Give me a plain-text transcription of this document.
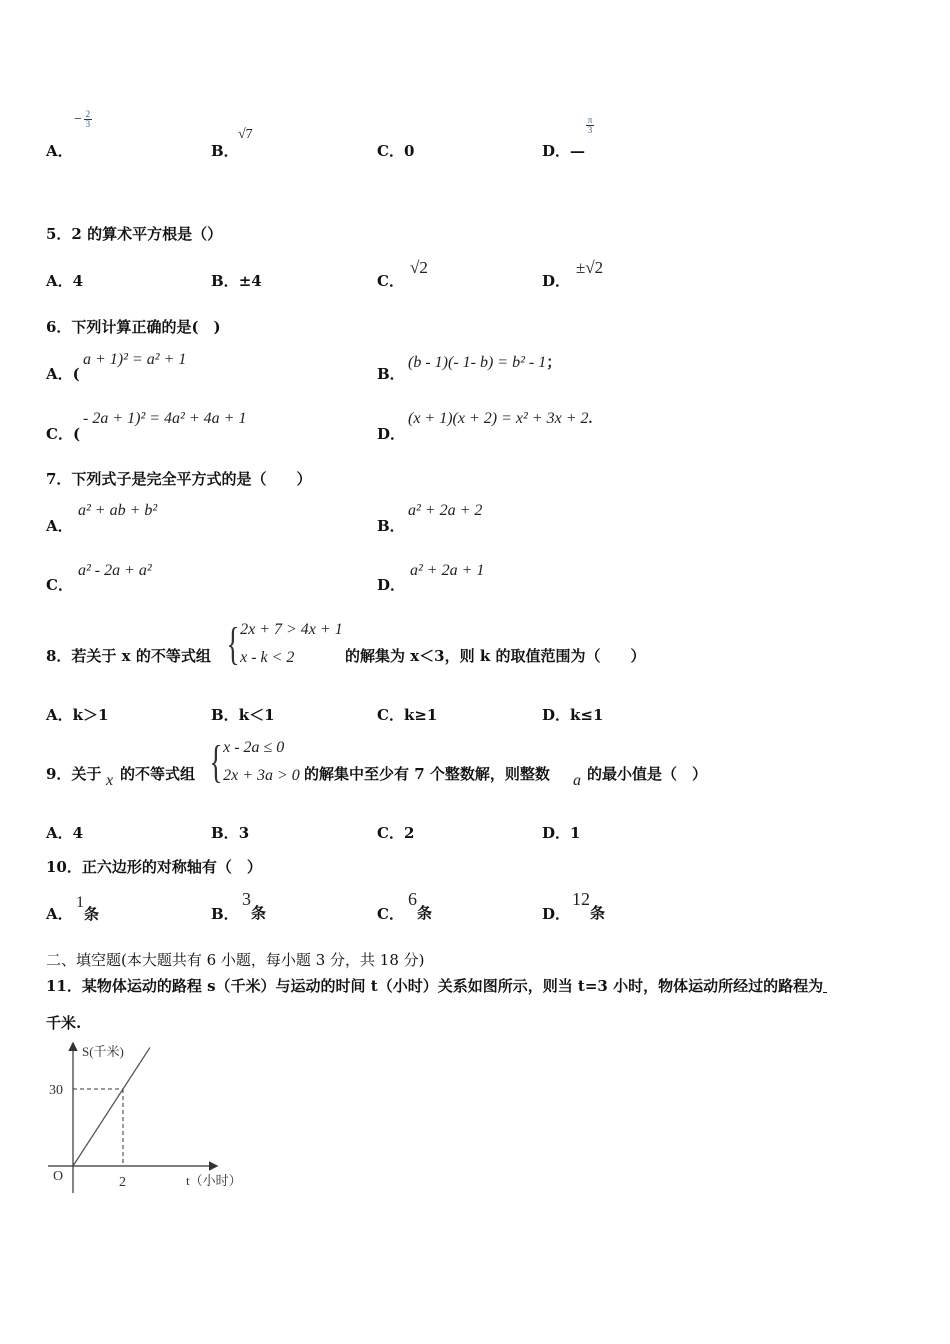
A．
− $\frac{2}{3}$
B．
√7
C．0	D．—
$\frac{\pi}{3}$
5．2 的算术平方根是（）
A．4	B．±4	C．
√2
D．
±√2
6．下列计算正确的是(　)
A．(
a + 1)² = a² + 1
B．
(b - 1)(- 1- b) = b² - 1；
C．(
- 2a + 1)² = 4a² + 4a + 1
D．
(x + 1)(x + 2) = x² + 3x + 2.
7．下列式子是完全平方式的是（　　）
A．
a² + ab + b²
B．
a² + 2a + 2
C．
a² - 2a + a²
D．
a² + 2a + 1
8．若关于 x 的不等式组 { 2x + 7 > 4x + 1
x - k < 2	的解集为 x＜3，则 k 的取值范围为（　　）
A．k＞1	B．k＜1	C．k≥1	D．k≤1
9．关于 x 的不等式组 { x - 2a ≤ 0
2x + 3a > 0 的解集中至少有 7 个整数解，则整数 a 的最小值是（　）
A．4	B．3	C．2	D．1
10．正六边形的对称轴有（　）
A．
1条	B．
3条	C．
6条	D．
12条
二、填空题(本大题共有 6 小题，每小题 3 分，共 18 分)
11．某物体运动的路程 s（千米）与运动的时间 t（小时）关系如图所示，则当 t=3 小时，物体运动所经过的路程为
千米.
S(千米)
30
O	2	t（小时）
